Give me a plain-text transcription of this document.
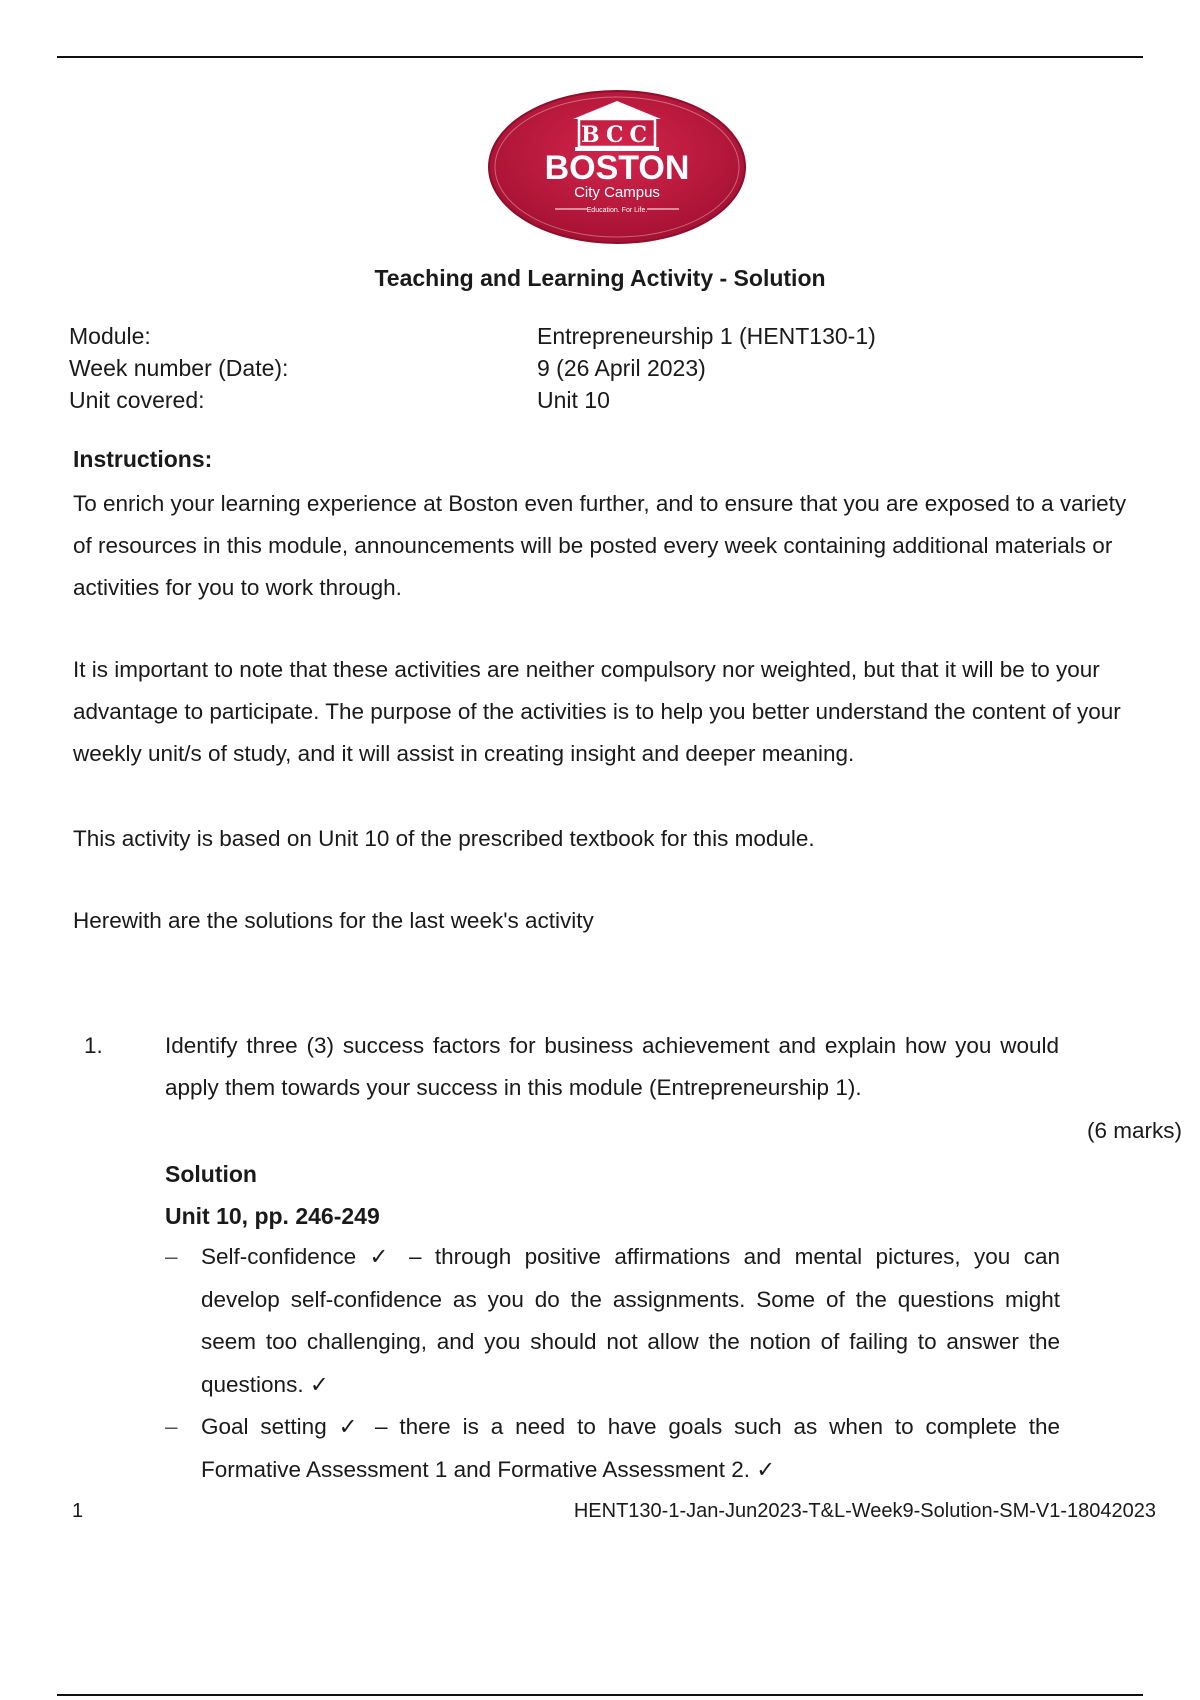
BCC
BOSTON
City Campus
Education. For Life.
Teaching and Learning Activity - Solution
Module:	Entrepreneurship 1 (HENT130-1)
Week number (Date):	9 (26 April 2023)
Unit covered:	Unit 10
Instructions:

To enrich your learning experience at Boston even further, and to ensure that you are exposed to a variety of resources in this module, announcements will be posted every week containing additional materials or activities for you to work through.

It is important to note that these activities are neither compulsory nor weighted, but that it will be to your advantage to participate. The purpose of the activities is to help you better understand the content of your weekly unit/s of study, and it will assist in creating insight and deeper meaning.

This activity is based on Unit 10 of the prescribed textbook for this module.

Herewith are the solutions for the last week's activity

1.	Identify three (3) success factors for business achievement and explain how you would apply them towards your success in this module (Entrepreneurship 1).

(6 marks)
Solution
Unit 10, pp. 246-249
– Self-confidence ✓ – through positive affirmations and mental pictures, you can develop self-confidence as you do the assignments. Some of the questions might seem too challenging, and you should not allow the notion of failing to answer the questions. ✓
– Goal setting ✓ – there is a need to have goals such as when to complete the Formative Assessment 1 and Formative Assessment 2. ✓
1	HENT130-1-Jan-Jun2023-T&L-Week9-Solution-SM-V1-18042023
